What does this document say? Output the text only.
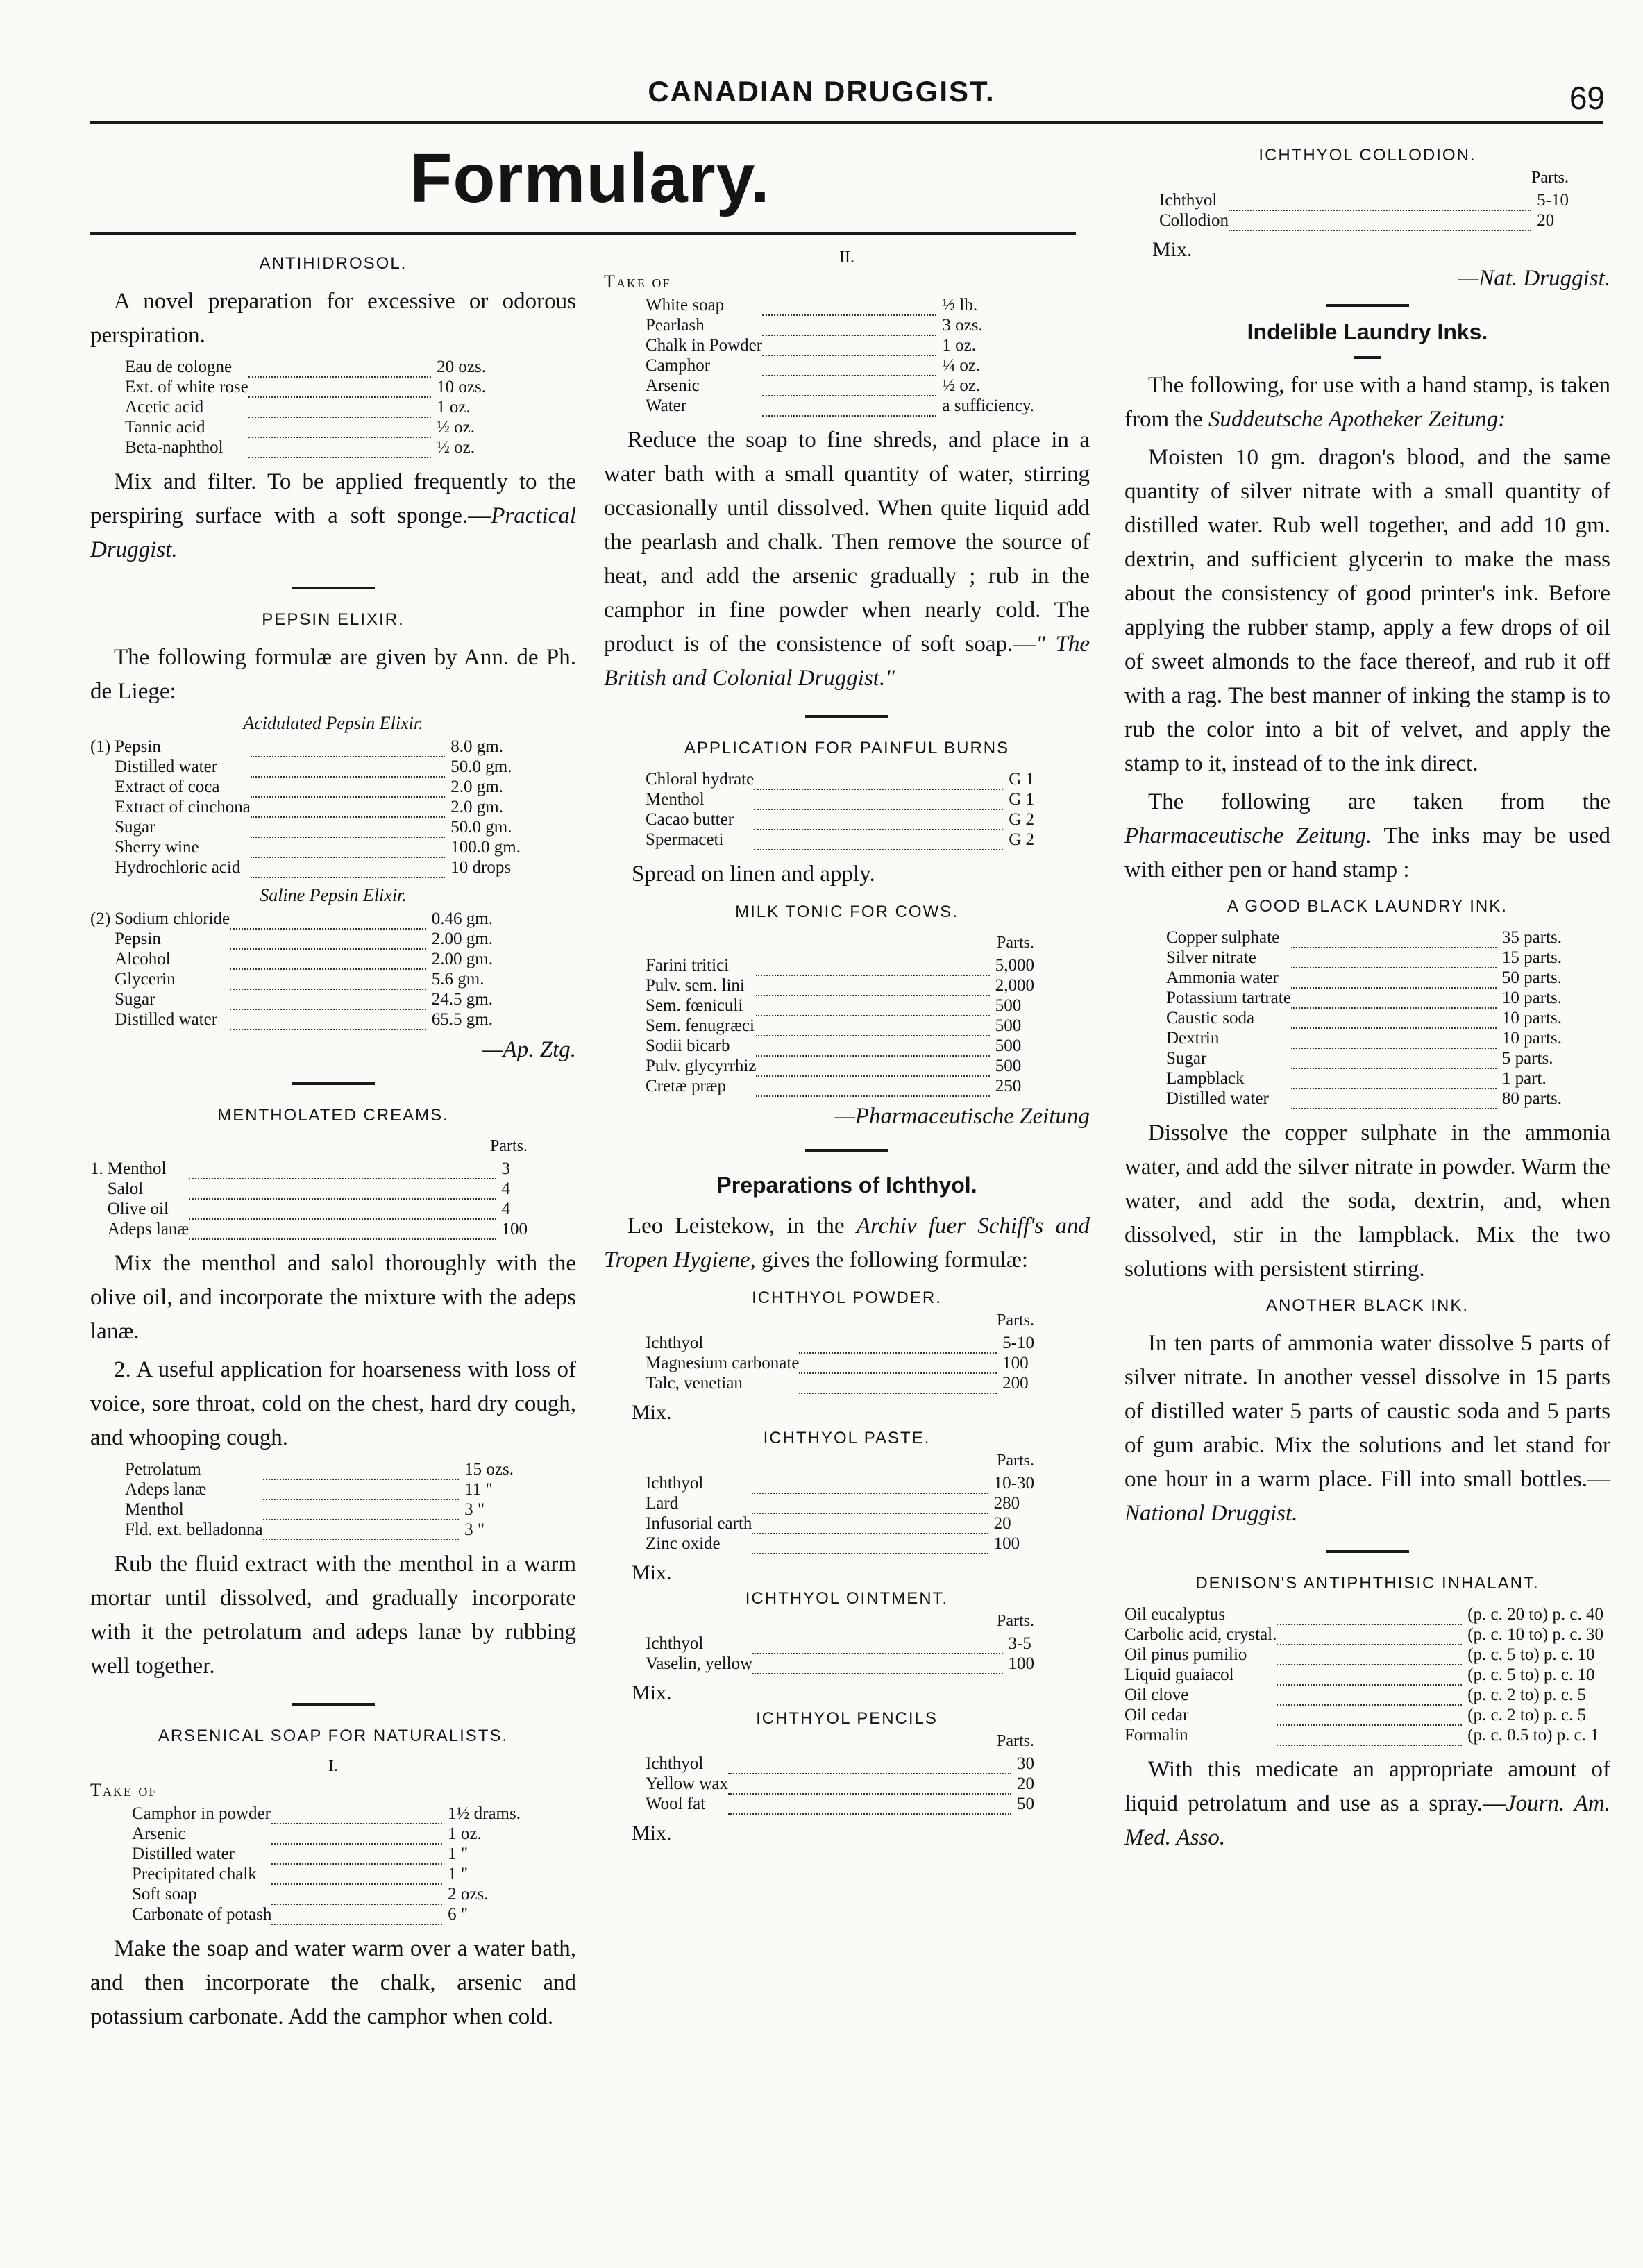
CANADIAN DRUGGIST.	69
Formulary.
ANTIHIDROSOL.

A novel preparation for excessive or odorous perspiration.

Eau de cologne		20 ozs.
Ext. of white rose		10 ozs.
Acetic acid		1 oz.
Tannic acid		½ oz.
Beta-naphthol		½ oz.

Mix and filter. To be applied frequently to the perspiring surface with a soft sponge.—Practical Druggist.

PEPSIN ELIXIR.

The following formulæ are given by Ann. de Ph. de Liege:

Acidulated Pepsin Elixir.
(1)	Pepsin		8.0 gm.
	Distilled water		50.0 gm.
	Extract of coca		2.0 gm.
	Extract of cinchona		2.0 gm.
	Sugar		50.0 gm.
	Sherry wine		100.0 gm.
	Hydrochloric acid		10 drops
Saline Pepsin Elixir.
(2)	Sodium chloride		0.46 gm.
	Pepsin		2.00 gm.
	Alcohol		2.00 gm.
	Glycerin		5.6 gm.
	Sugar		24.5 gm.
	Distilled water		65.5 gm.
—Ap. Ztg.
MENTHOLATED CREAMS.
Parts.
1.	Menthol		3
	Salol		4
	Olive oil		4
	Adeps lanæ		100

Mix the menthol and salol thoroughly with the olive oil, and incorporate the mixture with the adeps lanæ.

2. A useful application for hoarseness with loss of voice, sore throat, cold on the chest, hard dry cough, and whooping cough.

Petrolatum		15 ozs.
Adeps lanæ		11 "
Menthol		3 "
Fld. ext. belladonna		3 "

Rub the fluid extract with the menthol in a warm mortar until dissolved, and gradually incorporate with it the petrolatum and adeps lanæ by rubbing well together.

ARSENICAL SOAP FOR NATURALISTS.
I.
Take of
Camphor in powder		1½ drams.
Arsenic		1 oz.
Distilled water		1 "
Precipitated chalk		1 "
Soft soap		2 ozs.
Carbonate of potash		6 "

Make the soap and water warm over a water bath, and then incorporate the chalk, arsenic and potassium carbonate. Add the camphor when cold.

II.
Take of
White soap		½ lb.
Pearlash		3 ozs.
Chalk in Powder		1 oz.
Camphor		¼ oz.
Arsenic		½ oz.
Water		a sufficiency.

Reduce the soap to fine shreds, and place in a water bath with a small quantity of water, stirring occasionally until dissolved. When quite liquid add the pearlash and chalk. Then remove the source of heat, and add the arsenic gradually ; rub in the camphor in fine powder when nearly cold. The product is of the consistence of soft soap.—" The British and Colonial Druggist."

APPLICATION FOR PAINFUL BURNS
Chloral hydrate		G 1
Menthol		G 1
Cacao butter		G 2
Spermaceti		G 2

Spread on linen and apply.

MILK TONIC FOR COWS.
Parts.
Farini tritici		5,000
Pulv. sem. lini		2,000
Sem. fœniculi		500
Sem. fenugræci		500
Sodii bicarb		500
Pulv. glycyrrhiz		500
Cretæ præp		250
—Pharmaceutische Zeitung
Preparations of Ichthyol.

Leo Leistekow, in the Archiv fuer Schiff's and Tropen Hygiene, gives the following formulæ:

ICHTHYOL POWDER.
Parts.
Ichthyol		5-10
Magnesium carbonate		100
Talc, venetian		200
Mix.
ICHTHYOL PASTE.
Parts.
Ichthyol		10-30
Lard		280
Infusorial earth		20
Zinc oxide		100
Mix.
ICHTHYOL OINTMENT.
Parts.
Ichthyol		3-5
Vaselin, yellow		100
Mix.
ICHTHYOL PENCILS
Parts.
Ichthyol		30
Yellow wax		20
Wool fat		50
Mix.
ICHTHYOL COLLODION.
Parts.
Ichthyol		5-10
Collodion		20
Mix.
—Nat. Druggist.
Indelible Laundry Inks.

The following, for use with a hand stamp, is taken from the Suddeutsche Apotheker Zeitung:

Moisten 10 gm. dragon's blood, and the same quantity of silver nitrate with a small quantity of distilled water. Rub well together, and add 10 gm. dextrin, and sufficient glycerin to make the mass about the consistency of good printer's ink. Before applying the rubber stamp, apply a few drops of oil of sweet almonds to the face thereof, and rub it off with a rag. The best manner of inking the stamp is to rub the color into a bit of velvet, and apply the stamp to it, instead of to the ink direct.

The following are taken from the Pharmaceutische Zeitung. The inks may be used with either pen or hand stamp :

A GOOD BLACK LAUNDRY INK.
Copper sulphate		35 parts.
Silver nitrate		15 parts.
Ammonia water		50 parts.
Potassium tartrate		10 parts.
Caustic soda		10 parts.
Dextrin		10 parts.
Sugar		5 parts.
Lampblack		1 part.
Distilled water		80 parts.

Dissolve the copper sulphate in the ammonia water, and add the silver nitrate in powder. Warm the water, and add the soda, dextrin, and, when dissolved, stir in the lampblack. Mix the two solutions with persistent stirring.

ANOTHER BLACK INK.

In ten parts of ammonia water dissolve 5 parts of silver nitrate. In another vessel dissolve in 15 parts of distilled water 5 parts of caustic soda and 5 parts of gum arabic. Mix the solutions and let stand for one hour in a warm place. Fill into small bottles.—National Druggist.

DENISON'S ANTIPHTHISIC INHALANT.
Oil eucalyptus		(p. c. 20 to) p. c. 40
Carbolic acid, crystal.		(p. c. 10 to) p. c. 30
Oil pinus pumilio		(p. c. 5 to) p. c. 10
Liquid guaiacol		(p. c. 5 to) p. c. 10
Oil clove		(p. c. 2 to) p. c. 5
Oil cedar		(p. c. 2 to) p. c. 5
Formalin		(p. c. 0.5 to) p. c. 1

With this medicate an appropriate amount of liquid petrolatum and use as a spray.—Journ. Am. Med. Asso.
